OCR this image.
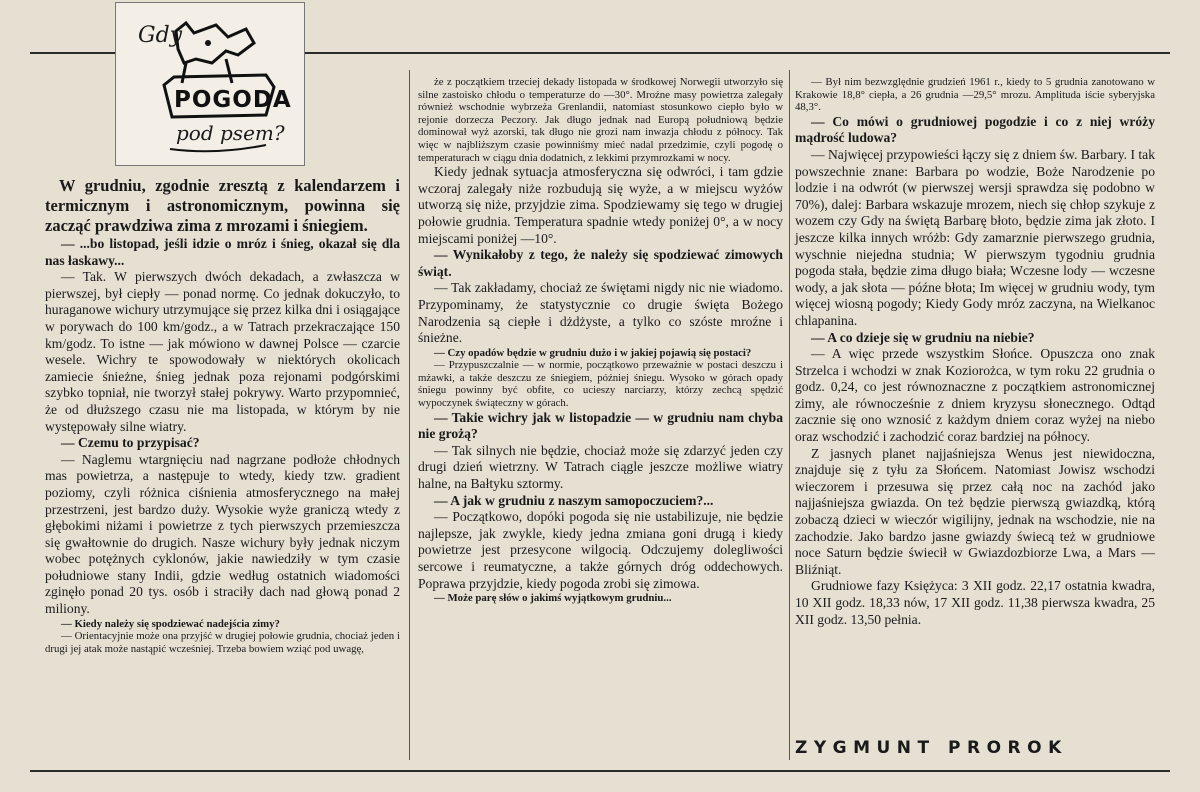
Gdy
POGODA
pod psem?

W grudniu, zgodnie zresztą z kalendarzem i termicznym i astronomicznym, powinna się zacząć prawdziwa zima z mrozami i śniegiem.

— ...bo listopad, jeśli idzie o mróz i śnieg, okazał się dla nas łaskawy...

— Tak. W pierwszych dwóch dekadach, a zwłaszcza w pierwszej, był ciepły — ponad normę. Co jednak dokuczyło, to huraganowe wichury utrzymujące się przez kilka dni i osiągające w porywach do 100 km/godz., a w Tatrach przekraczające 150 km/godz. To istne — jak mówiono w dawnej Polsce — czarcie wesele. Wichry te spowodowały w niektórych okolicach zamiecie śnieżne, śnieg jednak poza rejonami podgórskimi szybko topniał, nie tworzył stałej pokrywy. Warto przypomnieć, że od dłuższego czasu nie ma listopada, w którym by nie występowały silne wiatry.

— Czemu to przypisać?

— Naglemu wtargnięciu nad nagrzane podłoże chłodnych mas powietrza, a następuje to wtedy, kiedy tzw. gradient poziomy, czyli różnica ciśnienia atmosferycznego na małej przestrzeni, jest bardzo duży. Wysokie wyże graniczą wtedy z głębokimi niżami i powietrze z tych pierwszych przemieszcza się gwałtownie do drugich. Nasze wichury były jednak niczym wobec potężnych cyklonów, jakie nawiedziły w tym czasie południowe stany Indii, gdzie według ostatnich wiadomości zginęło ponad 20 tys. osób i straciły dach nad głową ponad 2 miliony.

— Kiedy należy się spodziewać nadejścia zimy?

— Orientacyjnie może ona przyjść w drugiej połowie grudnia, chociaż jeden i drugi jej atak może nastąpić wcześniej. Trzeba bowiem wziąć pod uwagę,

że z początkiem trzeciej dekady listopada w środkowej Norwegii utworzyło się silne zastoisko chłodu o temperaturze do —30°. Mroźne masy powietrza zalegały również wschodnie wybrzeża Grenlandii, natomiast stosunkowo ciepło było w rejonie dorzecza Peczory. Jak długo jednak nad Europą południową będzie dominował wyż azorski, tak długo nie grozi nam inwazja chłodu z północy. Tak więc w najbliższym czasie powinniśmy mieć nadal przedzimie, czyli pogodę o temperaturach w ciągu dnia dodatnich, z lekkimi przymrozkami w nocy.

Kiedy jednak sytuacja atmosferyczna się odwróci, i tam gdzie wczoraj zalegały niże rozbudują się wyże, a w miejscu wyżów utworzą się niże, przyjdzie zima. Spodziewamy się tego w drugiej połowie grudnia. Temperatura spadnie wtedy poniżej 0°, a w nocy miejscami poniżej —10°.

— Wynikałoby z tego, że należy się spodziewać zimowych świąt.

— Tak zakładamy, chociaż ze świętami nigdy nic nie wiadomo. Przypominamy, że statystycznie co drugie święta Bożego Narodzenia są ciepłe i dżdżyste, a tylko co szóste mroźne i śnieżne.

— Czy opadów będzie w grudniu dużo i w jakiej pojawią się postaci?

— Przypuszczalnie — w normie, początkowo przeważnie w postaci deszczu i mżawki, a także deszczu ze śniegiem, później śniegu. Wysoko w górach opady śniegu powinny być obfite, co ucieszy narciarzy, którzy zechcą spędzić wypoczynek świąteczny w górach.

— Takie wichry jak w listopadzie — w grudniu nam chyba nie grożą?

— Tak silnych nie będzie, chociaż może się zdarzyć jeden czy drugi dzień wietrzny. W Tatrach ciągle jeszcze możliwe wiatry halne, na Bałtyku sztormy.

— A jak w grudniu z naszym samopoczuciem?...

— Początkowo, dopóki pogoda się nie ustabilizuje, nie będzie najlepsze, jak zwykle, kiedy jedna zmiana goni drugą i kiedy powietrze jest przesycone wilgocią. Odczujemy dolegliwości sercowe i reumatyczne, a także górnych dróg oddechowych. Poprawa przyjdzie, kiedy pogoda zrobi się zimowa.

— Może parę słów o jakimś wyjątkowym grudniu...

— Był nim bezwzględnie grudzień 1961 r., kiedy to 5 grudnia zanotowano w Krakowie 18,8° ciepła, a 26 grudnia —29,5° mrozu. Amplituda iście syberyjska 48,3°.

— Co mówi o grudniowej pogodzie i co z niej wróży mądrość ludowa?

— Najwięcej przypowieści łączy się z dniem św. Barbary. I tak powszechnie znane: Barbara po wodzie, Boże Narodzenie po lodzie i na odwrót (w pierwszej wersji sprawdza się podobno w 70%), dalej: Barbara wskazuje mrozem, niech się chłop szykuje z wozem czy Gdy na świętą Barbarę błoto, będzie zima jak złoto. I jeszcze kilka innych wróżb: Gdy zamarznie pierwszego grudnia, wyschnie niejedna studnia; W pierwszym tygodniu grudnia pogoda stała, będzie zima długo biała; Wczesne lody — wczesne wody, a jak słota — późne błota; Im więcej w grudniu wody, tym więcej wiosną pogody; Kiedy Gody mróz zaczyna, na Wielkanoc chlapanina.

— A co dzieje się w grudniu na niebie?

— A więc przede wszystkim Słońce. Opuszcza ono znak Strzelca i wchodzi w znak Koziorożca, w tym roku 22 grudnia o godz. 0,24, co jest równoznaczne z początkiem astronomicznej zimy, ale równocześnie z dniem kryzysu słonecznego. Odtąd zacznie się ono wznosić z każdym dniem coraz wyżej na niebo oraz wschodzić i zachodzić coraz bardziej na północy.

Z jasnych planet najjaśniejsza Wenus jest niewidoczna, znajduje się z tyłu za Słońcem. Natomiast Jowisz wschodzi wieczorem i przesuwa się przez całą noc na zachód jako najjaśniejsza gwiazda. On też będzie pierwszą gwiazdką, którą zobaczą dzieci w wieczór wigilijny, jednak na wschodzie, nie na zachodzie. Jako bardzo jasne gwiazdy świecą też w grudniowe noce Saturn będzie świecił w Gwiazdozbiorze Lwa, a Mars — Bliźniąt.

Grudniowe fazy Księżyca: 3 XII godz. 22,17 ostatnia kwadra, 10 XII godz. 18,33 nów, 17 XII godz. 11,38 pierwsza kwadra, 25 XII godz. 13,50 pełnia.

ZYGMUNT PROROK
